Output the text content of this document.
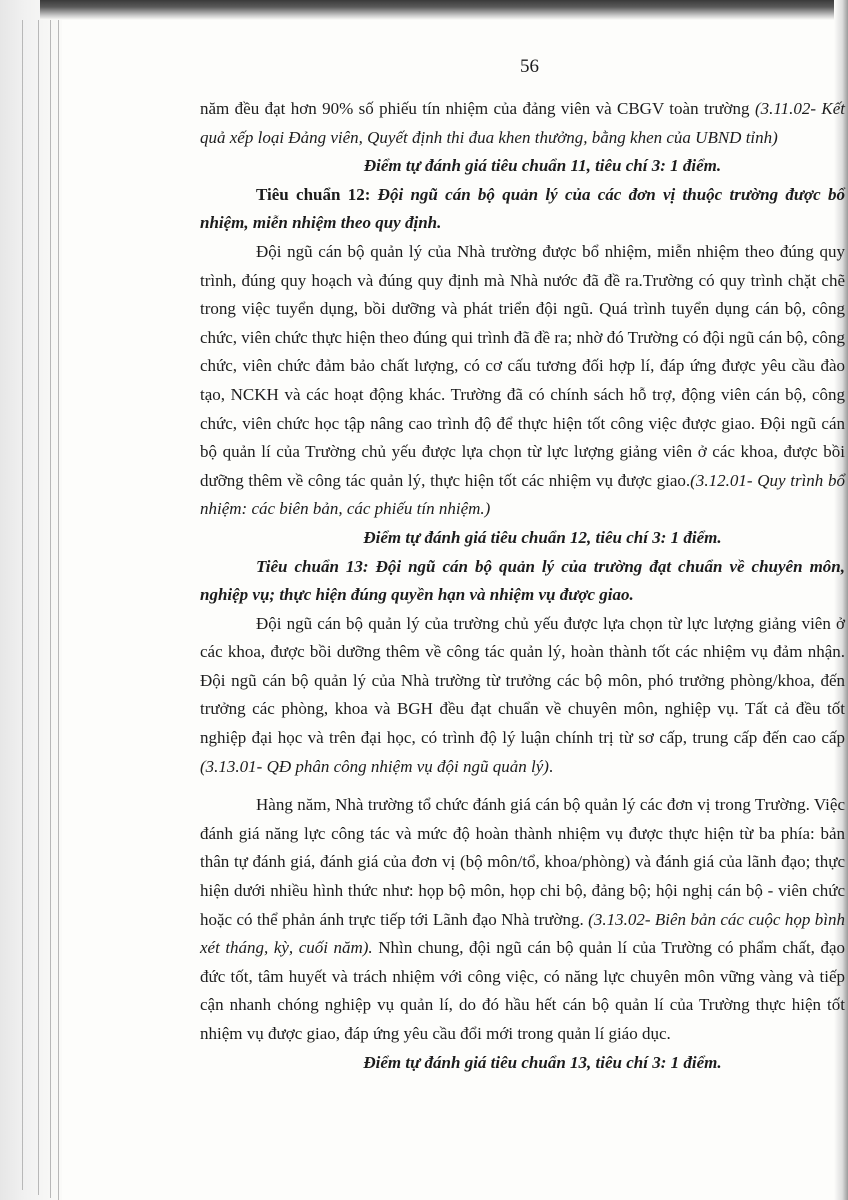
56

năm đều đạt hơn 90% số phiếu tín nhiệm của đảng viên và CBGV toàn trường (3.11.02- Kết quả xếp loại Đảng viên, Quyết định thi đua khen thưởng, bằng khen của UBND tỉnh)

Điểm tự đánh giá tiêu chuẩn 11, tiêu chí 3: 1 điểm.

Tiêu chuẩn 12: Đội ngũ cán bộ quản lý của các đơn vị thuộc trường được bổ nhiệm, miễn nhiệm theo quy định.

Đội ngũ cán bộ quản lý của Nhà trường được bổ nhiệm, miễn nhiệm theo đúng quy trình, đúng quy hoạch và đúng quy định mà Nhà nước đã đề ra.Trường có quy trình chặt chẽ trong việc tuyển dụng, bồi dưỡng và phát triển đội ngũ. Quá trình tuyển dụng cán bộ, công chức, viên chức thực hiện theo đúng qui trình đã đề ra; nhờ đó Trường có đội ngũ cán bộ, công chức, viên chức đảm bảo chất lượng, có cơ cấu tương đối hợp lí, đáp ứng được yêu cầu đào tạo, NCKH và các hoạt động khác. Trường đã có chính sách hỗ trợ, động viên cán bộ, công chức, viên chức học tập nâng cao trình độ để thực hiện tốt công việc được giao. Đội ngũ cán bộ quản lí của Trường chủ yếu được lựa chọn từ lực lượng giảng viên ở các khoa, được bồi dưỡng thêm về công tác quản lý, thực hiện tốt các nhiệm vụ được giao.(3.12.01- Quy trình bổ nhiệm: các biên bản, các phiếu tín nhiệm.)

Điểm tự đánh giá tiêu chuẩn 12, tiêu chí 3: 1 điểm.

Tiêu chuẩn 13: Đội ngũ cán bộ quản lý của trường đạt chuẩn về chuyên môn, nghiệp vụ; thực hiện đúng quyền hạn và nhiệm vụ được giao.

Đội ngũ cán bộ quản lý của trường chủ yếu được lựa chọn từ lực lượng giảng viên ở các khoa, được bồi dưỡng thêm về công tác quản lý, hoàn thành tốt các nhiệm vụ đảm nhận. Đội ngũ cán bộ quản lý của Nhà trường từ trưởng các bộ môn, phó trưởng phòng/khoa, đến trưởng các phòng, khoa và BGH đều đạt chuẩn về chuyên môn, nghiệp vụ. Tất cả đều tốt nghiệp đại học và trên đại học, có trình độ lý luận chính trị từ sơ cấp, trung cấp đến cao cấp (3.13.01- QĐ phân công nhiệm vụ đội ngũ quản lý).

Hàng năm, Nhà trường tổ chức đánh giá cán bộ quản lý các đơn vị trong Trường. Việc đánh giá năng lực công tác và mức độ hoàn thành nhiệm vụ được thực hiện từ ba phía: bản thân tự đánh giá, đánh giá của đơn vị (bộ môn/tổ, khoa/phòng) và đánh giá của lãnh đạo; thực hiện dưới nhiều hình thức như: họp bộ môn, họp chi bộ, đảng bộ; hội nghị cán bộ - viên chức hoặc có thể phản ánh trực tiếp tới Lãnh đạo Nhà trường. (3.13.02- Biên bản các cuộc họp bình xét tháng, kỳ, cuối năm). Nhìn chung, đội ngũ cán bộ quản lí của Trường có phẩm chất, đạo đức tốt, tâm huyết và trách nhiệm với công việc, có năng lực chuyên môn vững vàng và tiếp cận nhanh chóng nghiệp vụ quản lí, do đó hầu hết cán bộ quản lí của Trường thực hiện tốt nhiệm vụ được giao, đáp ứng yêu cầu đổi mới trong quản lí giáo dục.

Điểm tự đánh giá tiêu chuẩn 13, tiêu chí 3: 1 điểm.
